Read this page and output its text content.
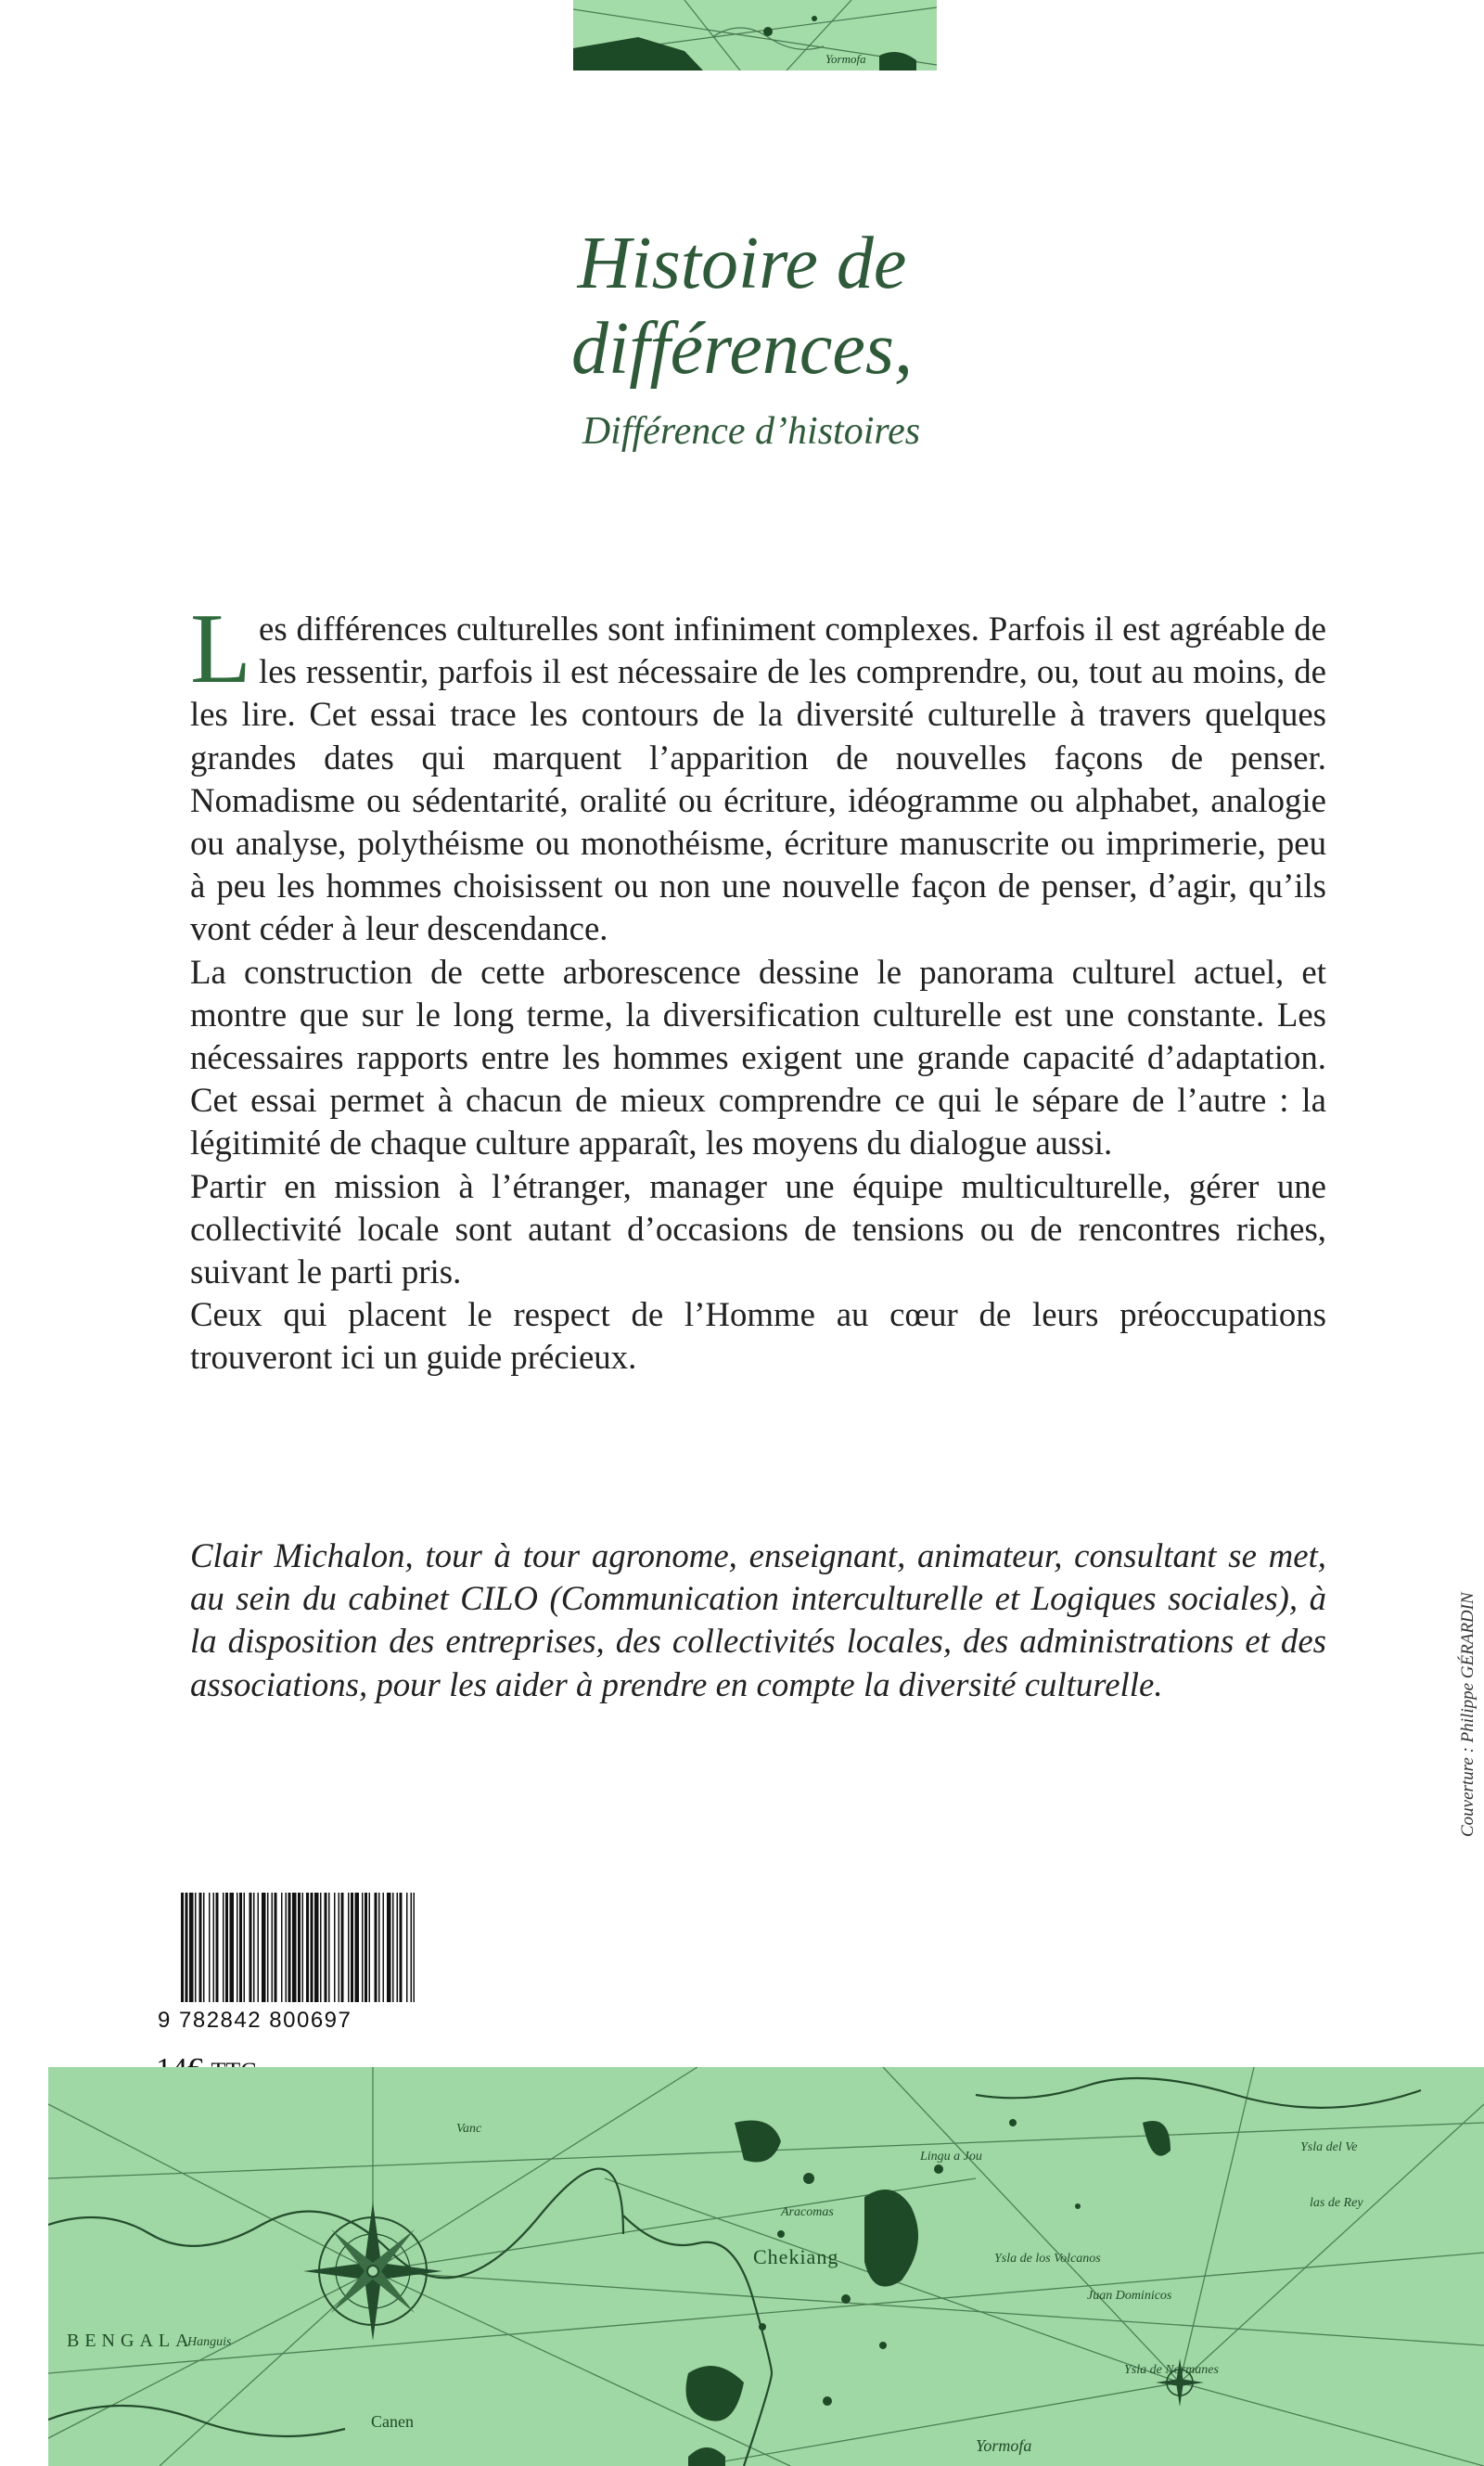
Yormofa
Histoire de
différences,
Différence d’histoires

Les différences culturelles sont infiniment complexes. Parfois il est agréable de les ressentir, parfois il est nécessaire de les comprendre, ou, tout au moins, de les lire. Cet essai trace les contours de la diversité culturelle à travers quelques grandes dates qui marquent l’apparition de nouvelles façons de penser. Nomadisme ou sédentarité, oralité ou écriture, idéogramme ou alphabet, analogie ou analyse, polythéisme ou monothéisme, écriture manuscrite ou imprimerie, peu à peu les hommes choisissent ou non une nouvelle façon de penser, d’agir, qu’ils vont céder à leur descendance.

La construction de cette arborescence dessine le panorama culturel actuel, et montre que sur le long terme, la diversification culturelle est une constante. Les nécessaires rapports entre les hommes exigent une grande capacité d’adaptation. Cet essai permet à chacun de mieux comprendre ce qui le sépare de l’autre : la légitimité de chaque culture apparaît, les moyens du dialogue aussi.

Partir en mission à l’étranger, manager une équipe multiculturelle, gérer une collectivité locale sont autant d’occasions de tensions ou de rencontres riches, suivant le parti pris.

Ceux qui placent le respect de l’Homme au cœur de leurs préoccupations trouveront ici un guide précieux.

Clair Michalon, tour à tour agronome, enseignant, animateur, consultant se met, au sein du cabinet CILO (Communication interculturelle et Logiques sociales), à la disposition des entreprises, des collectivités locales, des administrations et des associations, pour les aider à prendre en compte la diversité culturelle.
9 782842 800697
Couverture : Philippe GÉRARDIN
Vanc
Lingu a Jou
Ysla de los Volcanos
Juan Dominicos
Ysla del Ve
las de Rey
Ysla de Normanes
Aracomas
Hanguis
Chekiang
BENGALA
Canen
Yormofa
